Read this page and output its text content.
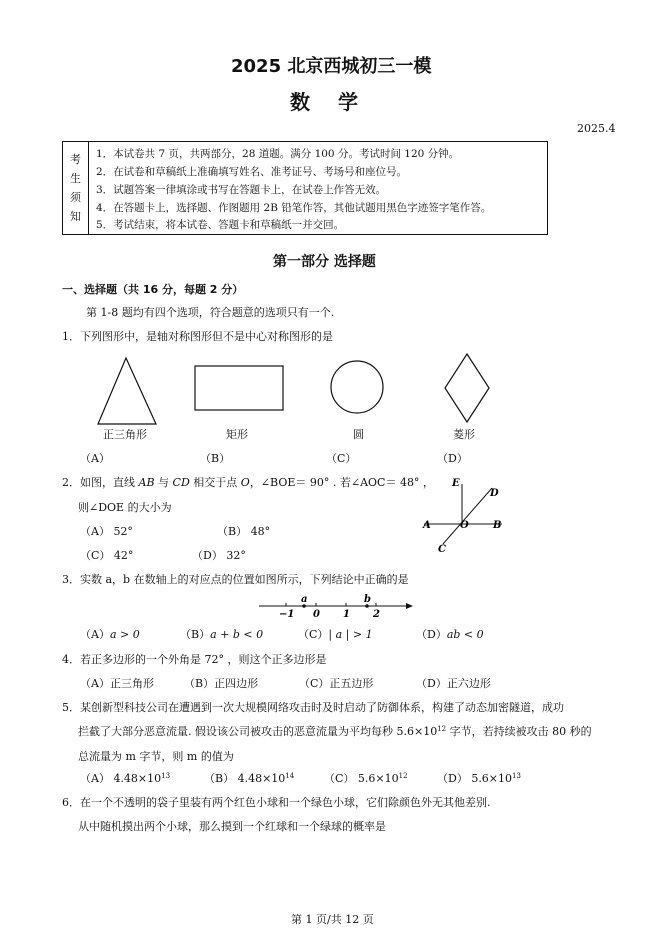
2025 北京西城初三一模
数　学
2025.4
考
生
须
知
1．本试卷共 7 页，共两部分，28 道题。满分 100 分。考试时间 120 分钟。
2．在试卷和草稿纸上准确填写姓名、准考证号、考场号和座位号。
3．试题答案一律填涂或书写在答题卡上，在试卷上作答无效。
4．在答题卡上，选择题、作图题用 2B 铅笔作答，其他试题用黑色字迹签字笔作答。
5．考试结束，将本试卷、答题卡和草稿纸一并交回。
第一部分 选择题
一、选择题（共 16 分，每题 2 分）
第 1-8 题均有四个选项，符合题意的选项只有一个.
1．下列图形中，是轴对称图形但不是中心对称图形的是
正三角形	矩形	圆	菱形
（A）	（B）	（C）	（D）
2．如图，直线 AB 与 CD 相交于点 O，∠BOE＝ 90° . 若∠AOC＝ 48° ，
则∠DOE 的大小为
（A） 52°	（B） 48°
（C） 42°	（D） 32°
E
D
A	O B
C
3．实数 a，b 在数轴上的对应点的位置如图所示，下列结论中正确的是
a	b
−1 0 1 2
（A）a > 0	（B）a + b < 0	（C）| a | > 1	（D）ab < 0
4．若正多边形的一个外角是 72° ，则这个正多边形是
（A）正三角形	（B）正四边形	（C）正五边形	（D）正六边形
5．某创新型科技公司在遭遇到一次大规模网络攻击时及时启动了防御体系，构建了动态加密隧道，成功
拦截了大部分恶意流量. 假设该公司被攻击的恶意流量为平均每秒 $5.6\times 10^{12}$ 字节，若持续被攻击 80 秒的
总流量为 m 字节，则 m 的值为
（A） $4.48\times 10^{13}$	（B） $4.48\times 10^{14}$	（C） $5.6\times 10^{12}$	（D） $5.6\times 10^{13}$
6．在一个不透明的袋子里装有两个红色小球和一个绿色小球，它们除颜色外无其他差别.
从中随机摸出两个小球，那么摸到一个红球和一个绿球的概率是
第 1 页/共 12 页
